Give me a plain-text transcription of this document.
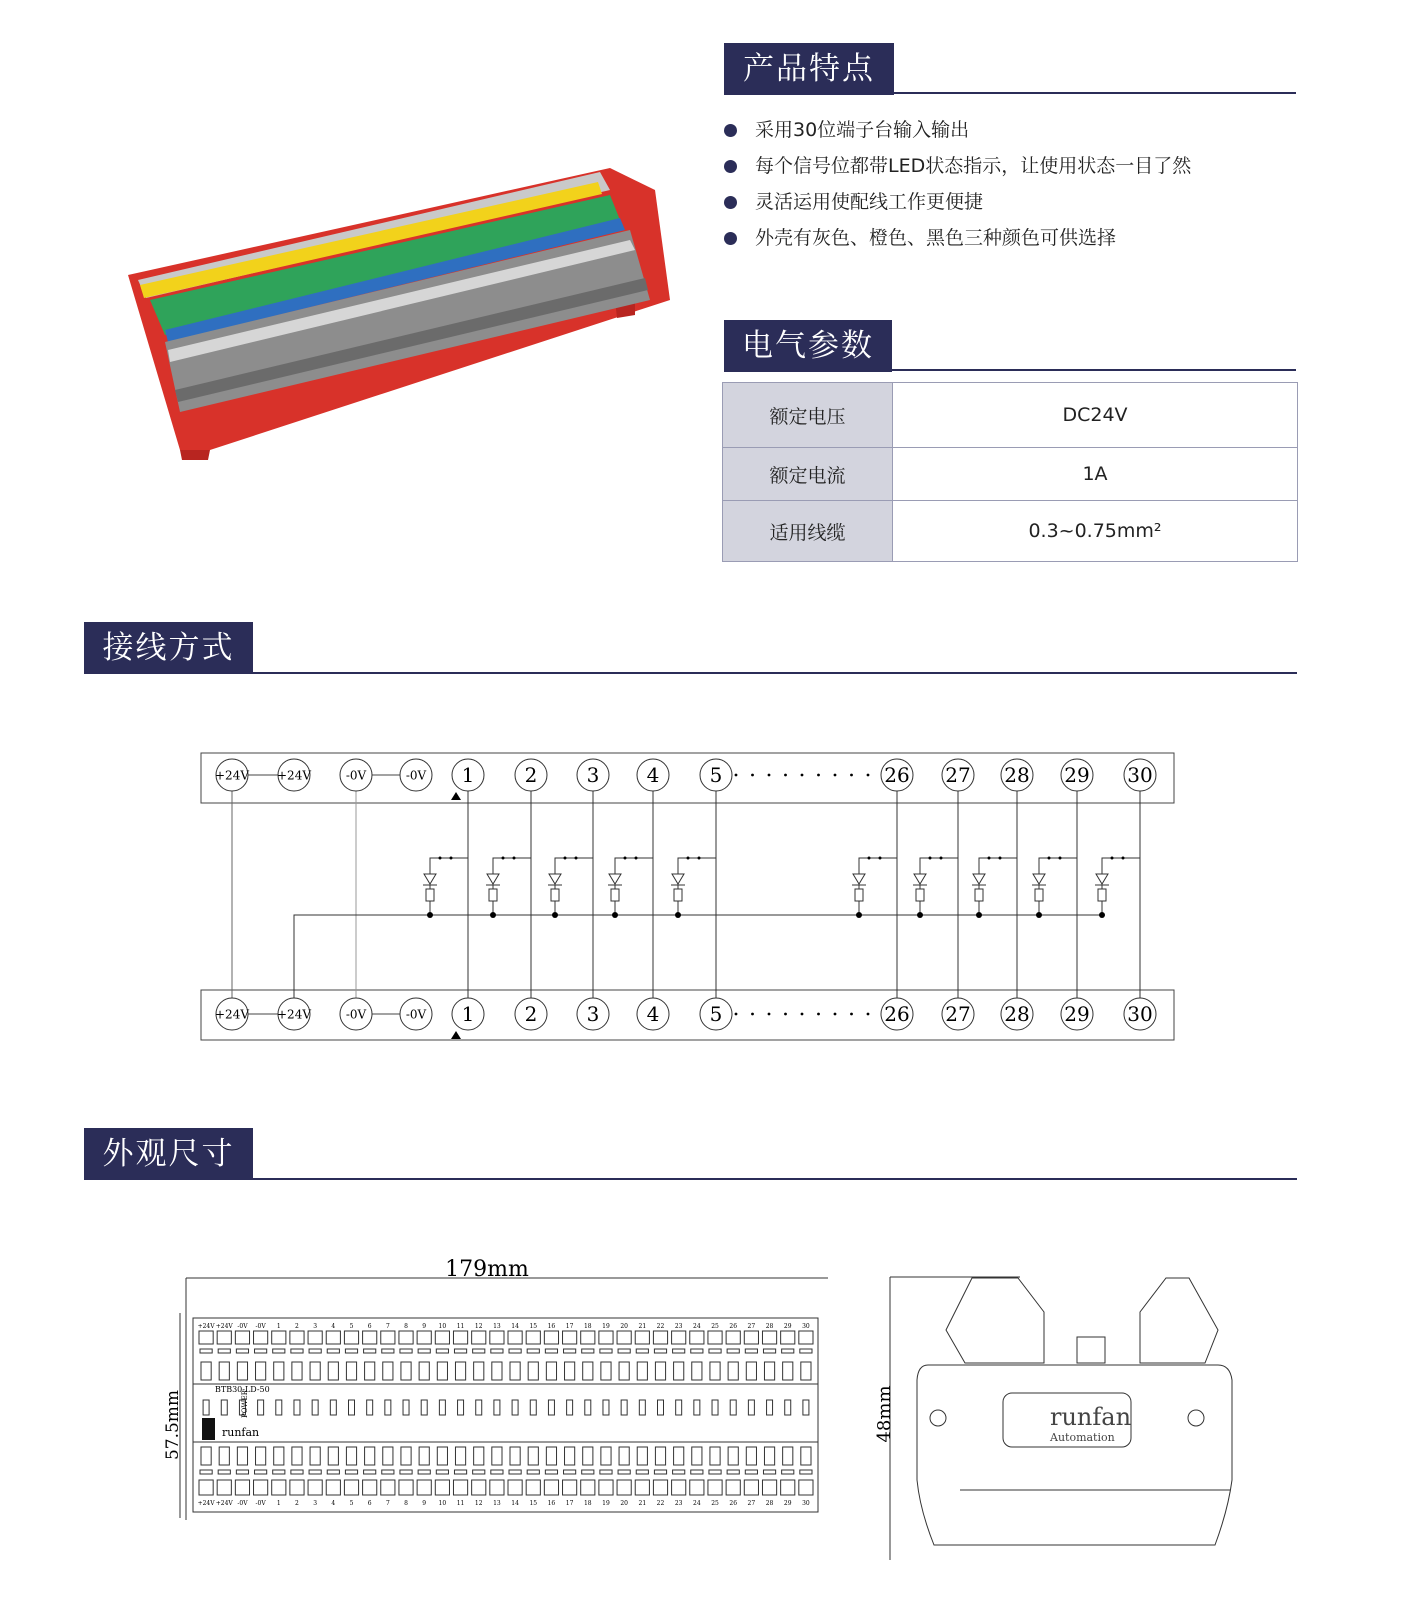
产品特点
采用30位端子台输入输出
每个信号位都带LED状态指示，让使用状态一目了然
灵活运用使配线工作更便捷
外壳有灰色、橙色、黑色三种颜色可供选择
电气参数
额定电压	DC24V
额定电流	1A
适用线缆	0.3~0.75mm²
接线方式
+24V +24V	-0V	-0V 1	2 3 4	5	26 27 28 29 30
+24V +24V	-0V	-0V 1	2 3 4	5	26 27 28 29 30
外观尺寸
179mm
57.5mm
+24V
+24V
+24V
+24V
-0V
-0V
-0V
-0V
1
1
2
2
3
3
4
4
5
5
6
6
7
7
8
8
9
9
10
10
11
11
12
12
13
13
14
14
15
15
16
16
17
17
18
18
19
19
20
20
21
21
22
22
23
23
24
24
25
25
26
26
27
27
28
28
29
29
30
30
BTB30-LD-50
POWER
runfan	48mm	runfan
Automation
